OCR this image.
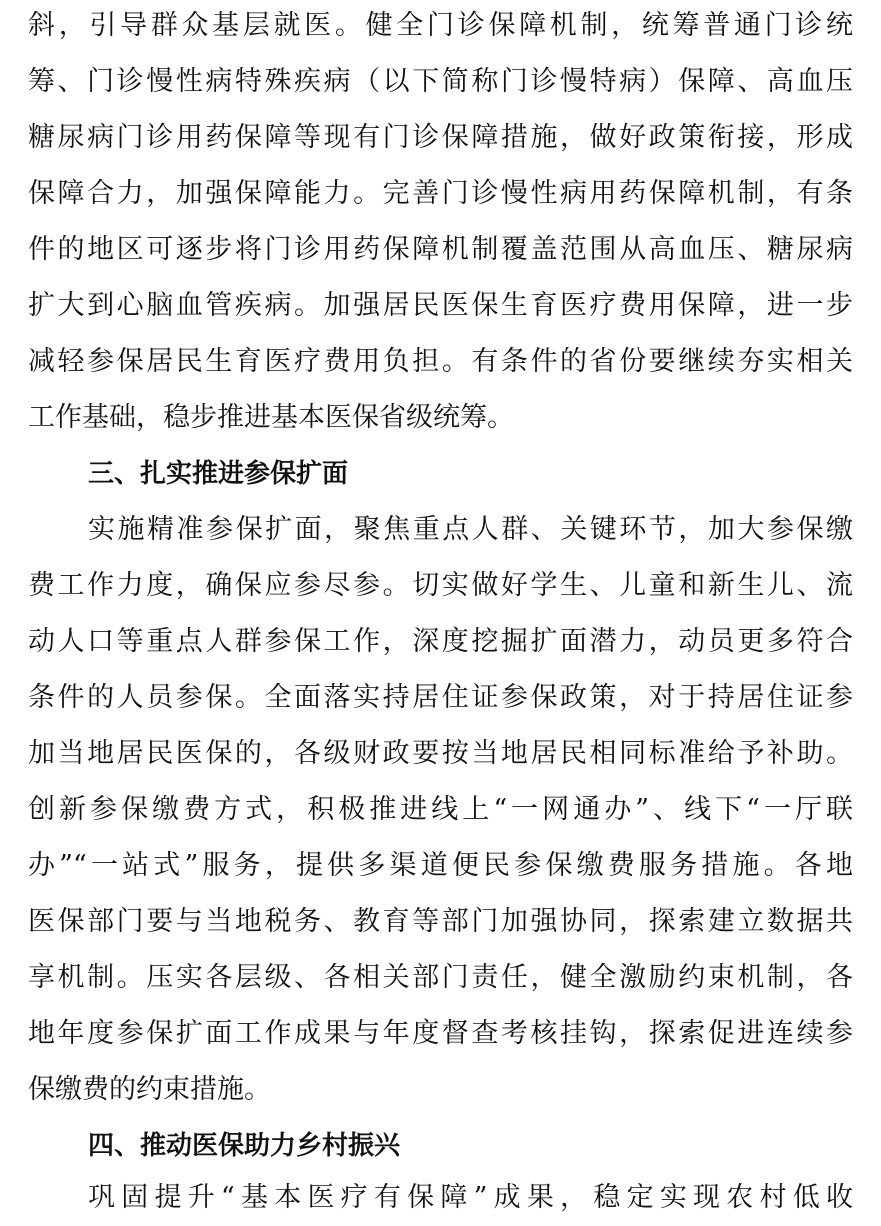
斜，引导群众基层就医。健全门诊保障机制，统筹普通门诊统
筹、门诊慢性病特殊疾病（以下简称门诊慢特病）保障、高血压
糖尿病门诊用药保障等现有门诊保障措施，做好政策衔接，形成
保障合力，加强保障能力。完善门诊慢性病用药保障机制，有条
件的地区可逐步将门诊用药保障机制覆盖范围从高血压、糖尿病
扩大到心脑血管疾病。加强居民医保生育医疗费用保障，进一步
减轻参保居民生育医疗费用负担。有条件的省份要继续夯实相关
工作基础，稳步推进基本医保省级统筹。
三、扎实推进参保扩面
实施精准参保扩面，聚焦重点人群、关键环节，加大参保缴
费工作力度，确保应参尽参。切实做好学生、儿童和新生儿、流
动人口等重点人群参保工作，深度挖掘扩面潜力，动员更多符合
条件的人员参保。全面落实持居住证参保政策，对于持居住证参
加当地居民医保的，各级财政要按当地居民相同标准给予补助。
创新参保缴费方式，积极推进线上“一网通办”、线下“一厅联
办”“一站式”服务，提供多渠道便民参保缴费服务措施。各地
医保部门要与当地税务、教育等部门加强协同，探索建立数据共
享机制。压实各层级、各相关部门责任，健全激励约束机制，各
地年度参保扩面工作成果与年度督查考核挂钩，探索促进连续参
保缴费的约束措施。
四、推动医保助力乡村振兴
巩固提升“基本医疗有保障”成果，稳定实现农村低收
